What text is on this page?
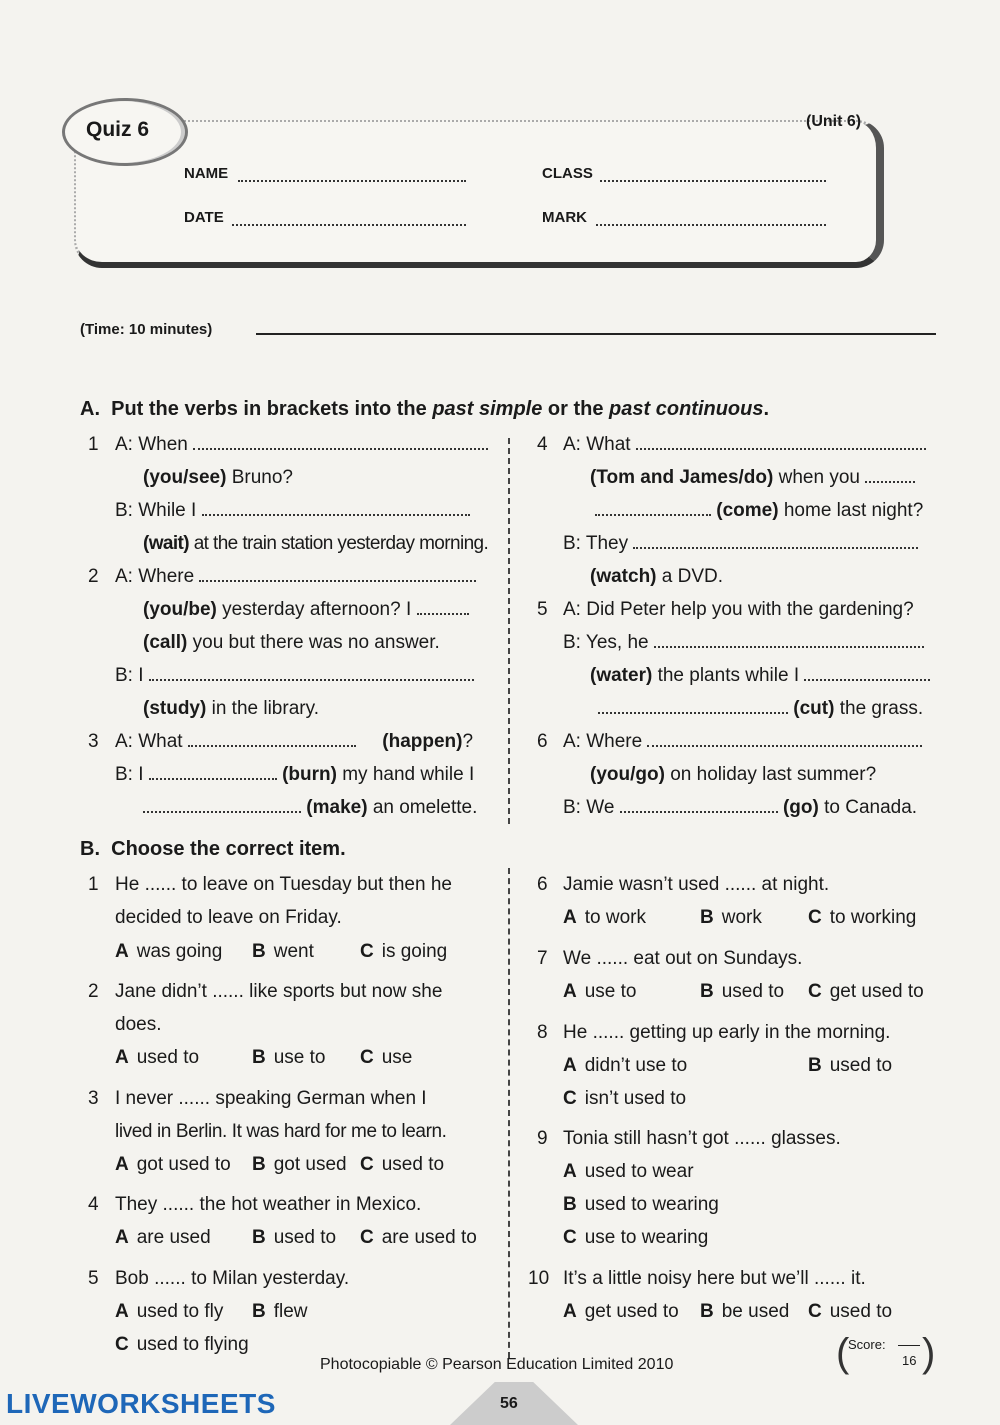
Quiz 6	(Unit 6)
NAME	CLASS
DATE	MARK
(Time: 10 minutes)
A. Put the verbs in brackets into the past simple or the past continuous.
1 A: When
(you/see) Bruno?
B: While I
(wait) at the train station yesterday morning.
2 A: Where
(you/be) yesterday afternoon? I
(call) you but there was no answer.
B: I
(study) in the library.
3 A: What	(happen)?
B: I	(burn) my hand while I
(make) an omelette.
4 A: What
(Tom and James/do) when you
(come) home last night?
B: They
(watch) a DVD.
5 A: Did Peter help you with the gardening?
B: Yes, he
(water) the plants while I
(cut) the grass.
6 A: Where
(you/go) on holiday last summer?
B: We	(go) to Canada.
B. Choose the correct item.
1 He ...... to leave on Tuesday but then he
decided to leave on Friday.
A was going B went C is going
2 Jane didn’t ...... like sports but now she
does.
A used to	B use to C use
3 I never ...... speaking German when I
lived in Berlin. It was hard for me to learn.
A got used to B got used C used to
4 They ...... the hot weather in Mexico.
A are used B used to C are used to
5 Bob ...... to Milan yesterday.
A used to fly B flew
C used to flying
6 Jamie wasn’t used ...... at night.
A to work	B work C to working
7 We ...... eat out on Sundays.
A use to	B used to C get used to
8 He ...... getting up early in the morning.
A didn’t use to	B used to
C isn’t used to
9 Tonia still hasn’t got ...... glasses.
A used to wear
B used to wearing
C use to wearing
10 It’s a little noisy here but we’ll ...... it.
A get used to B be used C used to
Photocopiable © Pearson Education Limited 2010	(
Score:
16 )
LIVEWORKSHEETS	56
